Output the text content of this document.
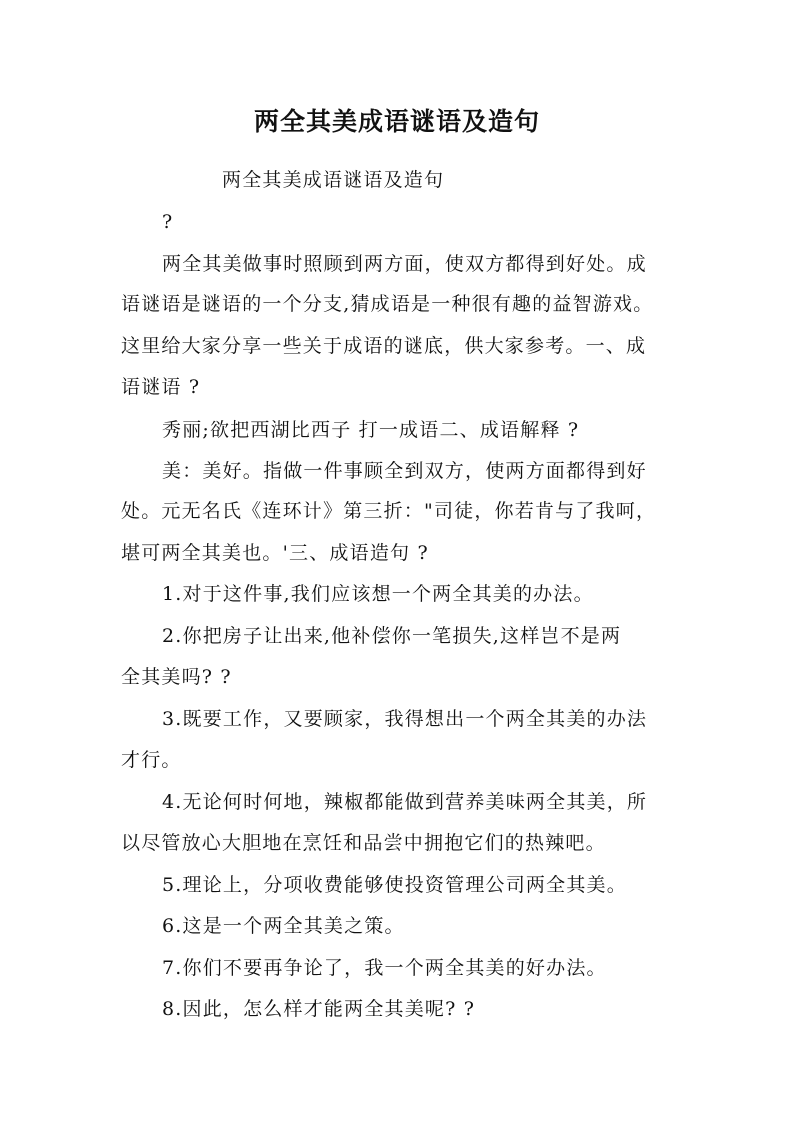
两全其美成语谜语及造句
两全其美成语谜语及造句
?
两全其美做事时照顾到两方面，使双方都得到好处。成
语谜语是谜语的一个分支,猜成语是一种很有趣的益智游戏。
这里给大家分享一些关于成语的谜底，供大家参考。一、成
语谜语 ?
秀丽;欲把西湖比西子 打一成语二、成语解释 ?
美：美好。指做一件事顾全到双方，使两方面都得到好
处。元无名氏《连环计》第三折："司徒，你若肯与了我呵，
堪可两全其美也。'三、成语造句 ?
1.对于这件事,我们应该想一个两全其美的办法。
2.你把房子让出来,他补偿你一笔损失,这样岂不是两
全其美吗? ?
3.既要工作，又要顾家，我得想出一个两全其美的办法
才行。
4.无论何时何地，辣椒都能做到营养美味两全其美，所
以尽管放心大胆地在烹饪和品尝中拥抱它们的热辣吧。
5.理论上，分项收费能够使投资管理公司两全其美。
6.这是一个两全其美之策。
7.你们不要再争论了，我一个两全其美的好办法。
8.因此，怎么样才能两全其美呢? ?
